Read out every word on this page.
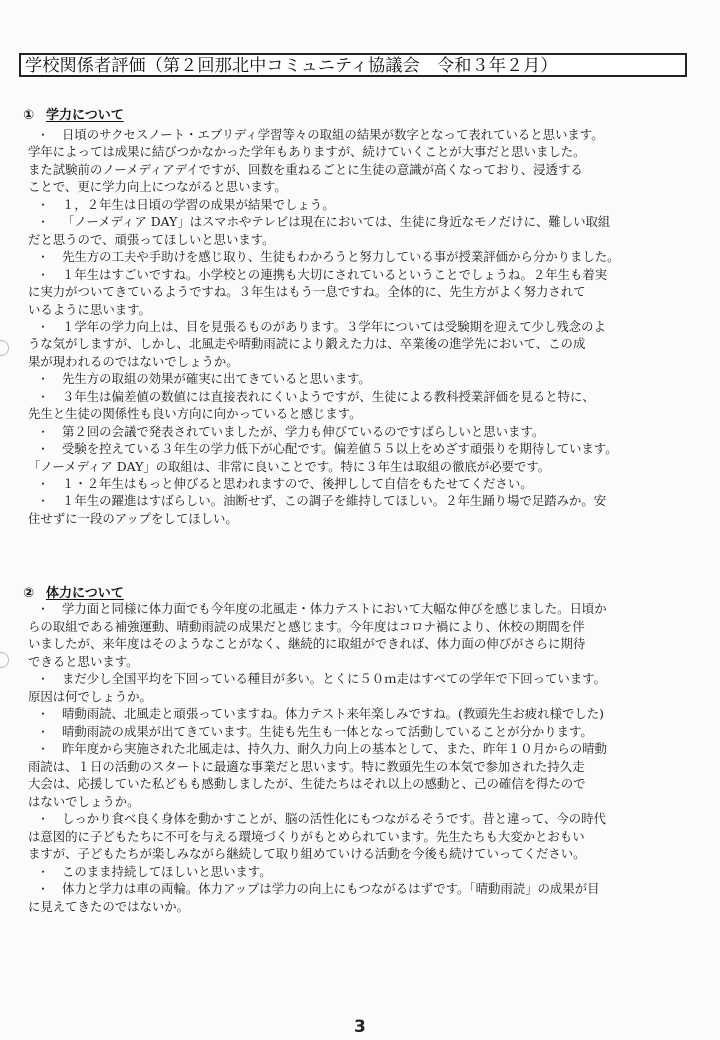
学校関係者評価（第２回那北中コミュニティ協議会　令和３年２月）
① 学力について
・ 日頃のサクセスノート・エブリディ学習等々の取組の結果が数字となって表れていると思います。
学年によっては成果に結びつかなかった学年もありますが、続けていくことが大事だと思いました。
また試験前のノーメディアデイですが、回数を重ねるごとに生徒の意識が高くなっており、浸透する
ことで、更に学力向上につながると思います。
・ １，２年生は日頃の学習の成果が結果でしょう。
・ 「ノーメディア DAY」はスマホやテレビは現在においては、生徒に身近なモノだけに、難しい取組
だと思うので、頑張ってほしいと思います。
・ 先生方の工夫や手助けを感じ取り、生徒もわかろうと努力している事が授業評価から分かりました。
・ １年生はすごいですね。小学校との連携も大切にされているということでしょうね。２年生も着実
に実力がついてきているようですね。３年生はもう一息ですね。全体的に、先生方がよく努力されて
いるように思います。
・ １学年の学力向上は、目を見張るものがあります。３学年については受験期を迎えて少し残念のよ
うな気がしますが、しかし、北風走や晴動雨読により鍛えた力は、卒業後の進学先において、この成
果が現われるのではないでしょうか。
・ 先生方の取組の効果が確実に出てきていると思います。
・ ３年生は偏差値の数値には直接表れにくいようですが、生徒による教科授業評価を見ると特に、
先生と生徒の関係性も良い方向に向かっていると感じます。
・ 第２回の会議で発表されていましたが、学力も伸びているのですばらしいと思います。
・ 受験を控えている３年生の学力低下が心配です。偏差値５５以上をめざす頑張りを期待しています。
「ノーメディア DAY」の取組は、非常に良いことです。特に３年生は取組の徹底が必要です。
・ １・２年生はもっと伸びると思われますので、後押しして自信をもたせてください。
・ １年生の躍進はすばらしい。油断せず、この調子を維持してほしい。２年生踊り場で足踏みか。安
住せずに一段のアップをしてほしい。
② 体力について
・ 学力面と同様に体力面でも今年度の北風走・体力テストにおいて大幅な伸びを感じました。日頃か
らの取組である補強運動、晴動雨読の成果だと感じます。今年度はコロナ禍により、休校の期間を伴
いましたが、来年度はそのようなことがなく、継続的に取組ができれば、体力面の伸びがさらに期待
できると思います。
・ まだ少し全国平均を下回っている種目が多い。とくに５０ｍ走はすべての学年で下回っています。
原因は何でしょうか。
・ 晴動雨読、北風走と頑張っていますね。体力テスト来年楽しみですね。(教頭先生お疲れ様でした)
・ 晴動雨読の成果が出てきています。生徒も先生も一体となって活動していることが分かります。
・ 昨年度から実施された北風走は、持久力、耐久力向上の基本として、また、昨年１０月からの晴動
雨読は、１日の活動のスタートに最適な事業だと思います。特に教頭先生の本気で参加された持久走
大会は、応援していた私どもも感動しましたが、生徒たちはそれ以上の感動と、己の確信を得たので
はないでしょうか。
・ しっかり食べ良く身体を動かすことが、脳の活性化にもつながるそうです。昔と違って、今の時代
は意図的に子どもたちに不可を与える環境づくりがもとめられています。先生たちも大変かとおもい
ますが、子どもたちが楽しみながら継続して取り組めていける活動を今後も続けていってください。
・ このまま持続してほしいと思います。
・ 体力と学力は車の両輪。体力アップは学力の向上にもつながるはずです。「晴動雨読」の成果が目
に見えてきたのではないか。
3
